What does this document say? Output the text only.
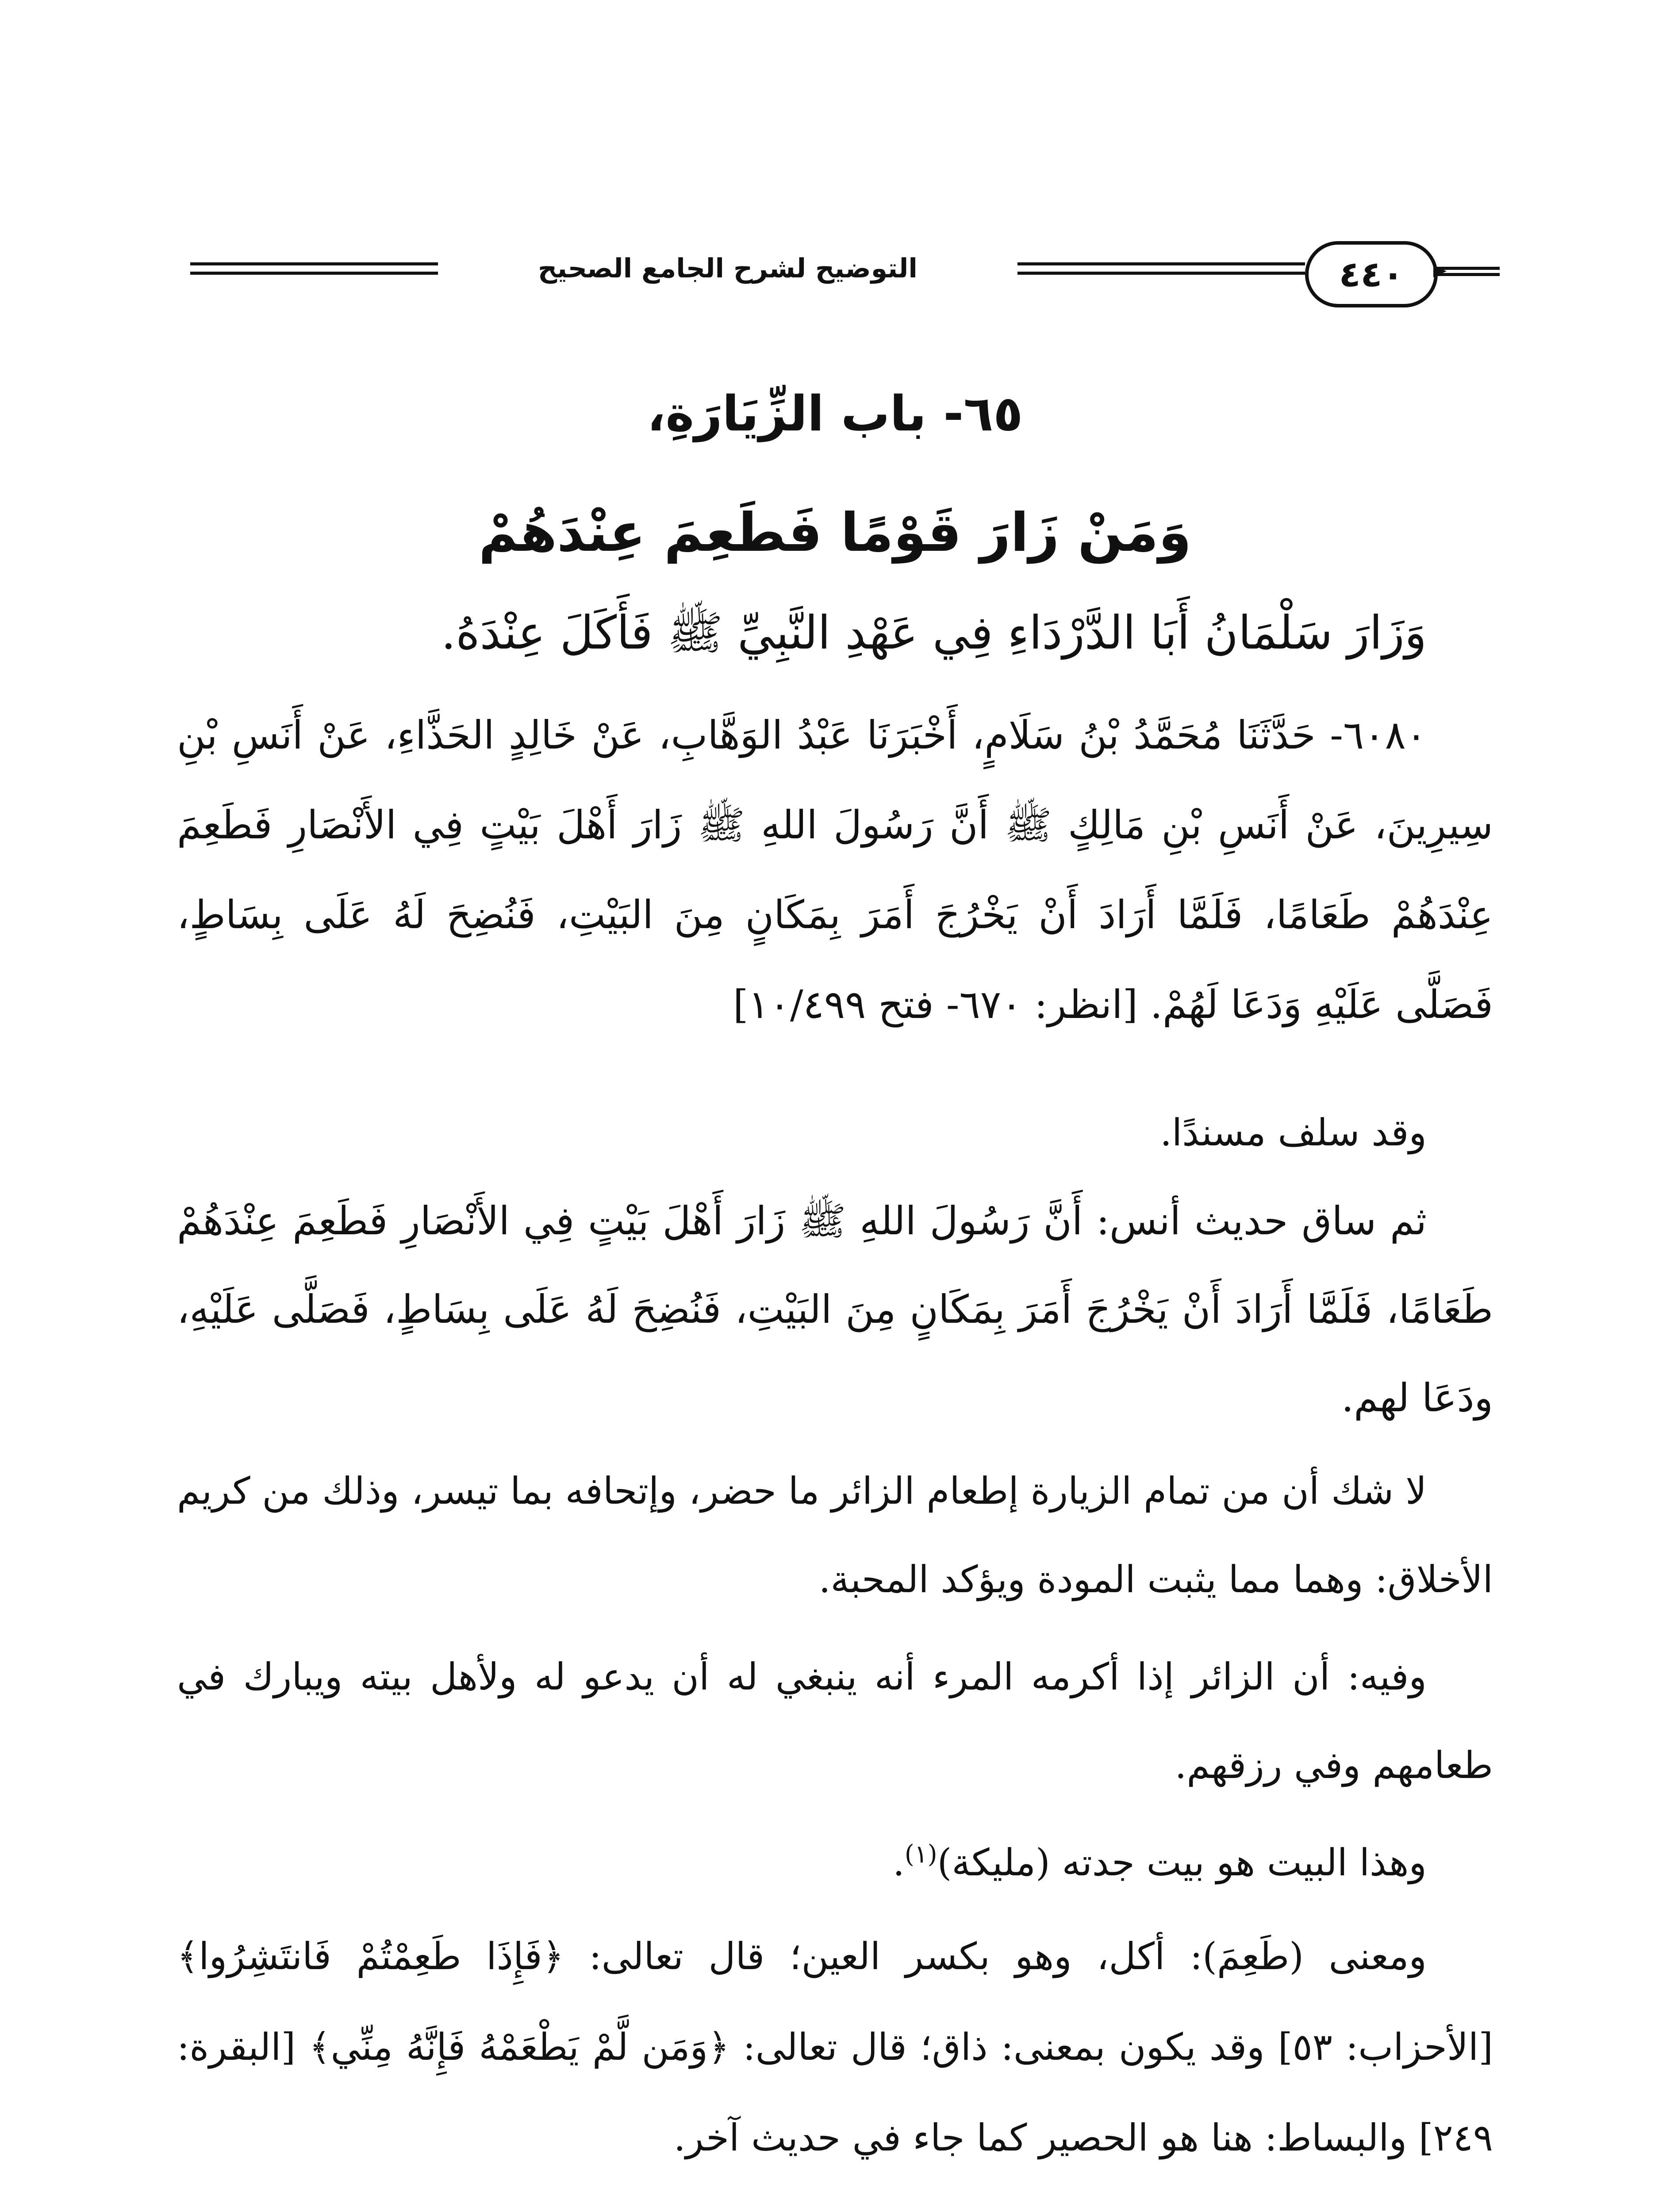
التوضيح لشرح الجامع الصحيح	٤٤٠
٦٥- باب الزِّيَارَةِ،
وَمَنْ زَارَ قَوْمًا فَطَعِمَ عِنْدَهُمْ
وَزَارَ سَلْمَانُ أَبَا الدَّرْدَاءِ فِي عَهْدِ النَّبِيِّ ﷺ فَأَكَلَ عِنْدَهُ.
٦٠٨٠- حَدَّثَنَا مُحَمَّدُ بْنُ سَلَامٍ، أَخْبَرَنَا عَبْدُ الوَهَّابِ، عَنْ خَالِدٍ الحَذَّاءِ، عَنْ أَنَسِ بْنِ سِيرِينَ، عَنْ أَنَسِ بْنِ مَالِكٍ ﷺ أَنَّ رَسُولَ اللهِ ﷺ زَارَ أَهْلَ بَيْتٍ فِي الأَنْصَارِ فَطَعِمَ عِنْدَهُمْ طَعَامًا، فَلَمَّا أَرَادَ أَنْ يَخْرُجَ أَمَرَ بِمَكَانٍ مِنَ البَيْتِ، فَنُضِحَ لَهُ عَلَى بِسَاطٍ، فَصَلَّى عَلَيْهِ وَدَعَا لَهُمْ. [انظر: ٦٧٠- فتح ١٠/٤٩٩]
وقد سلف مسندًا.
ثم ساق حديث أنس: أَنَّ رَسُولَ اللهِ ﷺ زَارَ أَهْلَ بَيْتٍ فِي الأَنْصَارِ فَطَعِمَ عِنْدَهُمْ طَعَامًا، فَلَمَّا أَرَادَ أَنْ يَخْرُجَ أَمَرَ بِمَكَانٍ مِنَ البَيْتِ، فَنُضِحَ لَهُ عَلَى بِسَاطٍ، فَصَلَّى عَلَيْهِ، ودَعَا لهم.
لا شك أن من تمام الزيارة إطعام الزائر ما حضر، وإتحافه بما تيسر، وذلك من كريم الأخلاق: وهما مما يثبت المودة ويؤكد المحبة.
وفيه: أن الزائر إذا أكرمه المرء أنه ينبغي له أن يدعو له ولأهل بيته ويبارك في طعامهم وفي رزقهم.
وهذا البيت هو بيت جدته (مليكة)$^{(١)}$.
ومعنى (طَعِمَ): أكل، وهو بكسر العين؛ قال تعالى: ﴿فَإِذَا طَعِمْتُمْ فَانتَشِرُوا﴾ [الأحزاب: ٥٣] وقد يكون بمعنى: ذاق؛ قال تعالى: ﴿وَمَن لَّمْ يَطْعَمْهُ فَإِنَّهُ مِنِّي﴾ [البقرة: ٢٤٩] والبساط: هنا هو الحصير كما جاء في حديث آخر.
